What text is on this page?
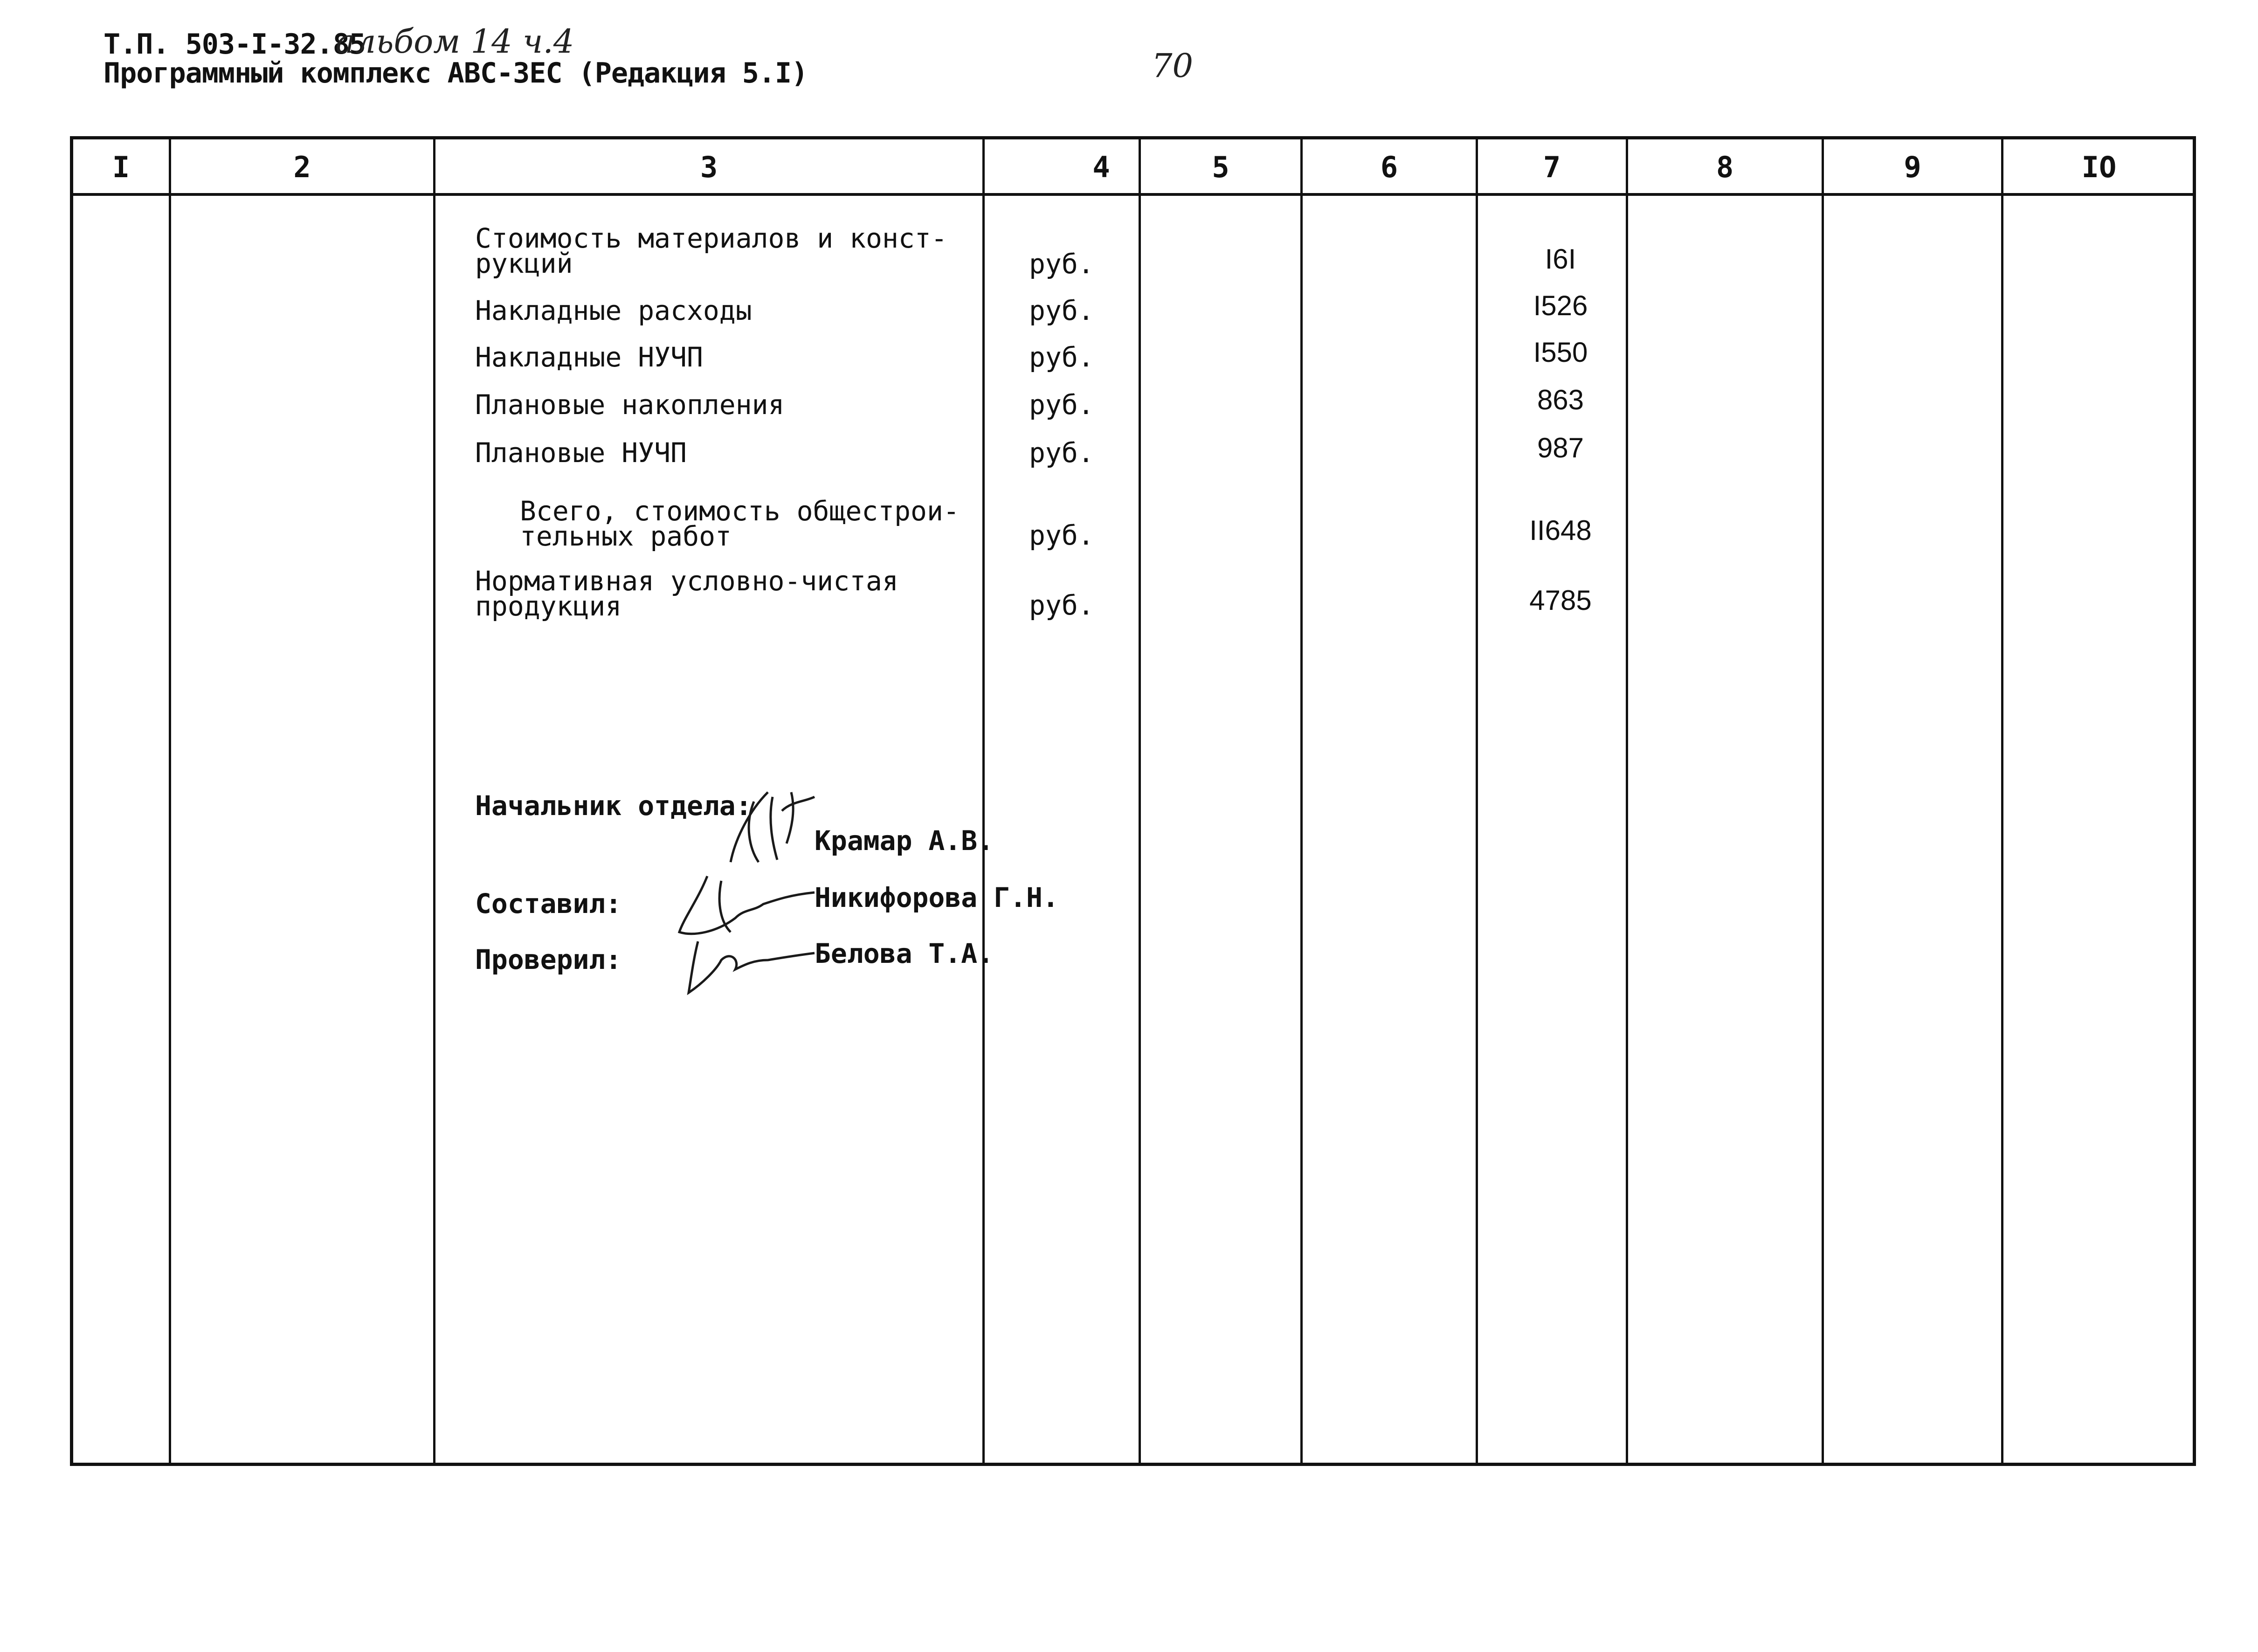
Т.П. 503-I-32.85
альбом 14 ч.4
Программный комплекс АВС-3ЕС (Редакция 5.I)	70
I	2	3	4	5	6	7	8	9	IO
Стоимость материалов и конст-
рукций	руб.	I6I
Накладные расходы	руб.	I526
Накладные НУЧП	руб.	I550
Плановые накопления	руб.	863
Плановые НУЧП	руб.	987
Всего, стоимость общестрои-
тельных работ	руб.	II648
Нормативная условно-чистая
продукция	руб.	4785
Начальник отдела:
Крамар А.В.
Составил:	Никифорова Г.Н.
Проверил:	Белова Т.А.
